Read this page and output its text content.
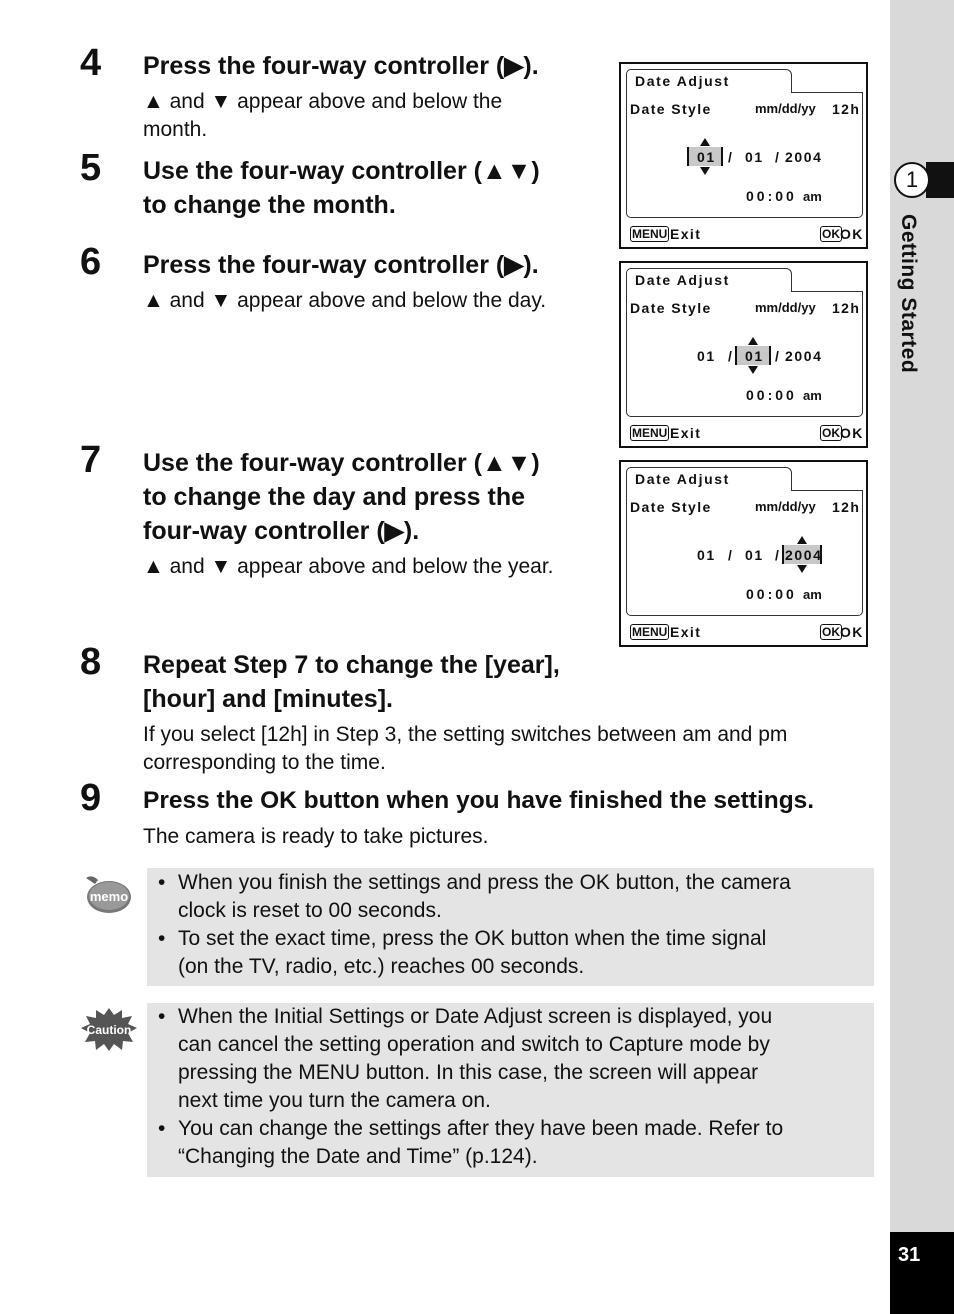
1
Getting Started
31
4 Press the four-way controller (▶).
▲ and ▼ appear above and below the
month.
5 Use the four-way controller (▲▼)
to change the month.
6 Press the four-way controller (▶).
▲ and ▼ appear above and below the day.
7 Use the four-way controller (▲▼)
to change the day and press the
four-way controller (▶).
▲ and ▼ appear above and below the year.
8 Repeat Step 7 to change the [year],
[hour] and [minutes].
If you select [12h] in Step 3, the setting switches between am and pm
corresponding to the time.
9 Press the OK button when you have finished the settings.
The camera is ready to take pictures.
Date Adjust
Date Style	mm/dd/yy 12h
01 / 01 / 2004
00:00 am
MENU Exit	OK OK
Date Adjust
Date Style	mm/dd/yy 12h
01 / 01 / 2004
00:00 am
MENU Exit	OK OK
Date Adjust
Date Style	mm/dd/yy 12h
01 / 01 / 2004
00:00 am
MENU Exit	OK OK
memo
• When you finish the settings and press the OK button, the camera
clock is reset to 00 seconds.
• To set the exact time, press the OK button when the time signal
(on the TV, radio, etc.) reaches 00 seconds.
Caution
• When the Initial Settings or Date Adjust screen is displayed, you
can cancel the setting operation and switch to Capture mode by
pressing the MENU button. In this case, the screen will appear
next time you turn the camera on.
• You can change the settings after they have been made. Refer to
“Changing the Date and Time” (p.124).
